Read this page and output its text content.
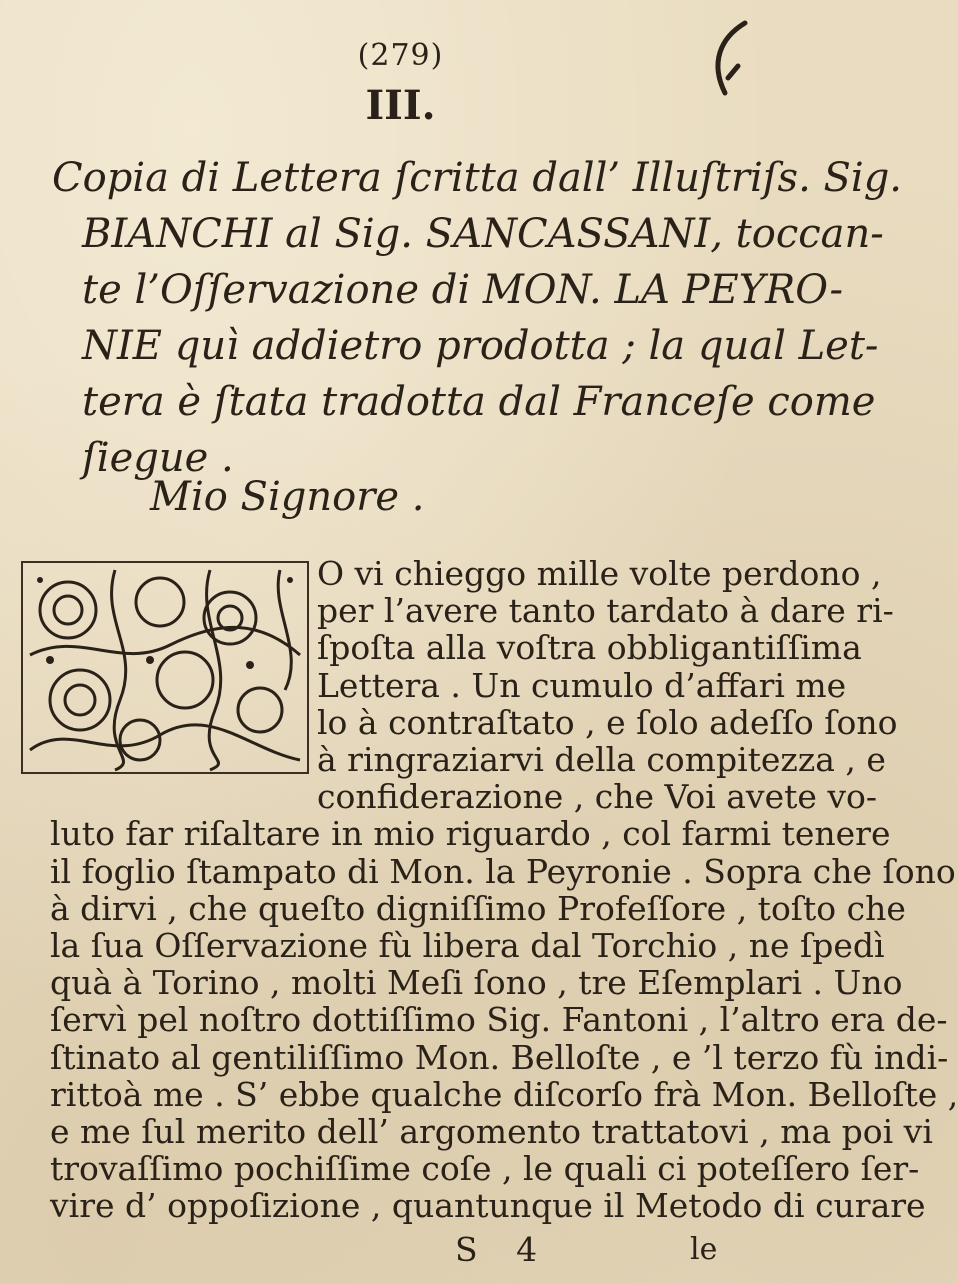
(279)
III.
Copia di Lettera ſcritta dall’ Illuſtriſs. Sig.
BIANCHI al Sig. SANCASSANI, toccan-
te l’Oſſervazione di MON. LA PEYRO-
NIE quì addietro prodotta ; la qual Let-
tera è ſtata tradotta dal Franceſe come
ſiegue .
Mio Signore .
O vi chieggo mille volte perdono ,
per l’avere tanto tardato à dare ri-
ſpoſta alla voſtra obbligantiſſima
Lettera . Un cumulo d’affari me
lo à contraſtato , e ſolo adeſſo ſono
à ringraziarvi della compitezza , e
confiderazione , che Voi avete vo-
luto far riſaltare in mio riguardo , col farmi tenere
il foglio ſtampato di Mon. la Peyronie . Sopra che ſono
à dirvi , che queſto digniſſimo Profeſſore , toſto che
la ſua Oſſervazione fù libera dal Torchio , ne ſpedì
quà à Torino , molti Meſi ſono , tre Eſemplari . Uno
ſervì pel noſtro dottiſſimo Sig. Fantoni , l’altro era de-
ſtinato al gentiliſſimo Mon. Belloſte , e ’l terzo fù indi-
rittoà me . S’ ebbe qualche diſcorſo frà Mon. Belloſte ,
e me ſul merito dell’ argomento trattatovi , ma poi vi
trovaſſimo pochiſſime coſe , le quali ci poteſſero ſer-
vire d’ oppoſizione , quantunque il Metodo di curare
S 4	le
